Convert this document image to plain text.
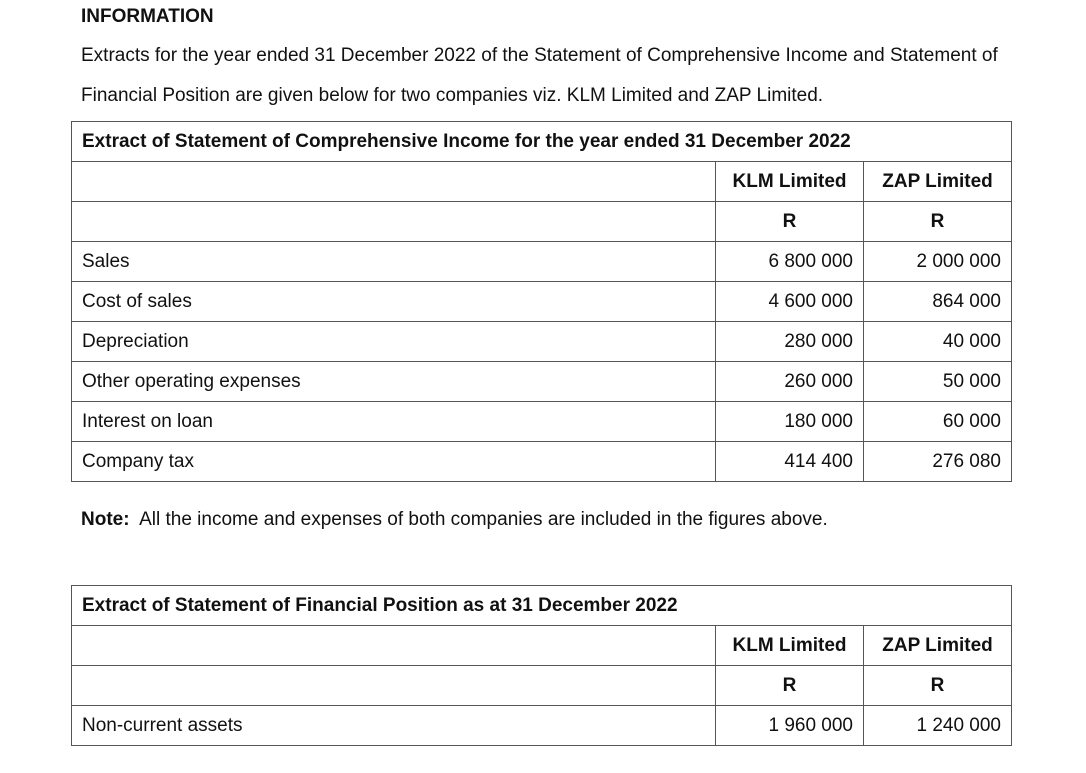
INFORMATION
Extracts for the year ended 31 December 2022 of the Statement of Comprehensive Income and Statement of
Financial Position are given below for two companies viz. KLM Limited and ZAP Limited.
Extract of Statement of Comprehensive Income for the year ended 31 December 2022		
	KLM Limited	ZAP Limited
	R	R
Sales	6 800 000	2 000 000
Cost of sales	4 600 000	864 000
Depreciation	280 000	40 000
Other operating expenses	260 000	50 000
Interest on loan	180 000	60 000
Company tax	414 400	276 080
Note: All the income and expenses of both companies are included in the figures above.
Extract of Statement of Financial Position as at 31 December 2022		
	KLM Limited	ZAP Limited
	R	R
Non-current assets	1 960 000	1 240 000
